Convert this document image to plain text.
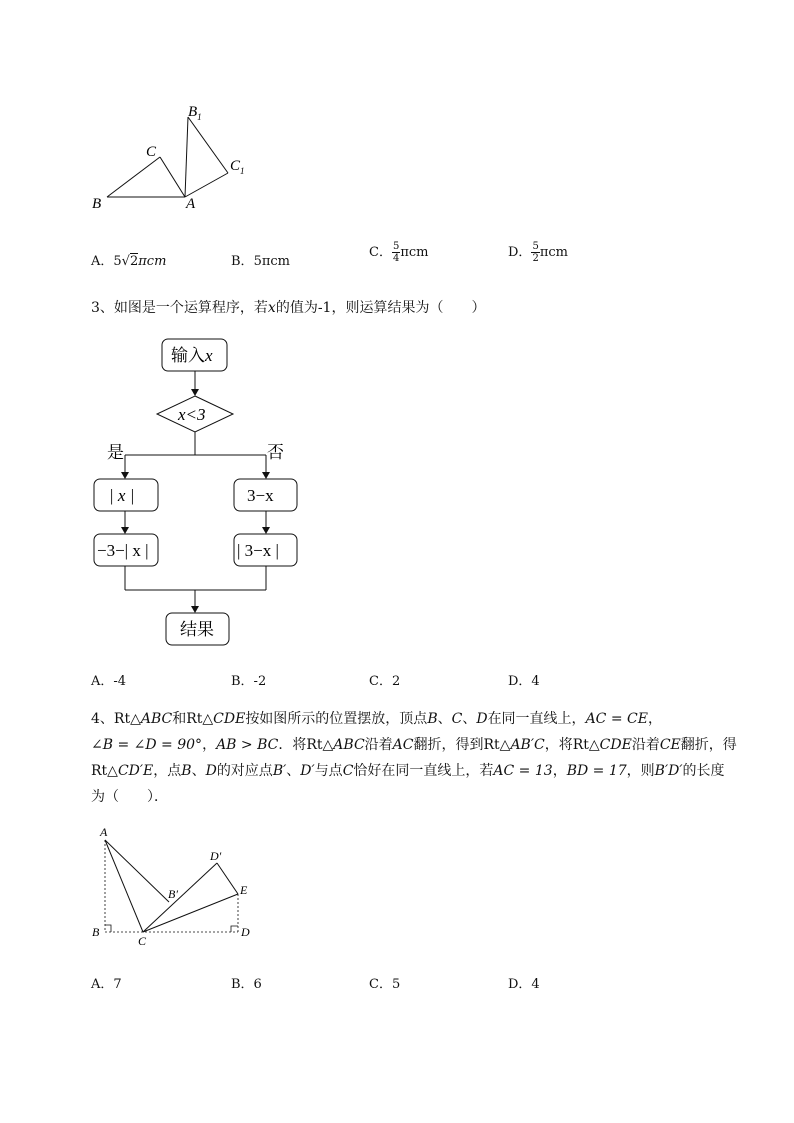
$B_1$
C
$C_1$
B	A
A．5√2πcm	B．5πcm
C． $\frac{5}{4}$ πcm	D． $\frac{5}{2}$ πcm
3、如图是一个运算程序，若x的值为-1，则运算结果为（　　）
输入x
x<3
是	否
| x |	3−x
−3−| x |	| 3−x |
结果
A．-4	B．-2	C．2	D．4
4、Rt△ABC和Rt△CDE按如图所示的位置摆放，顶点B、C、D在同一直线上，AC = CE，
∠B = ∠D = 90°，AB > BC．将Rt△ABC沿着AC翻折，得到Rt△AB′C，将Rt△CDE沿着CE翻折，得
Rt△CD′E，点B、D的对应点B′、D′与点C恰好在同一直线上，若AC = 13，BD = 17，则B′D′的长度
为（　　）．
A
B
C
D
E
B′
D′
A．7	B．6	C．5	D．4
